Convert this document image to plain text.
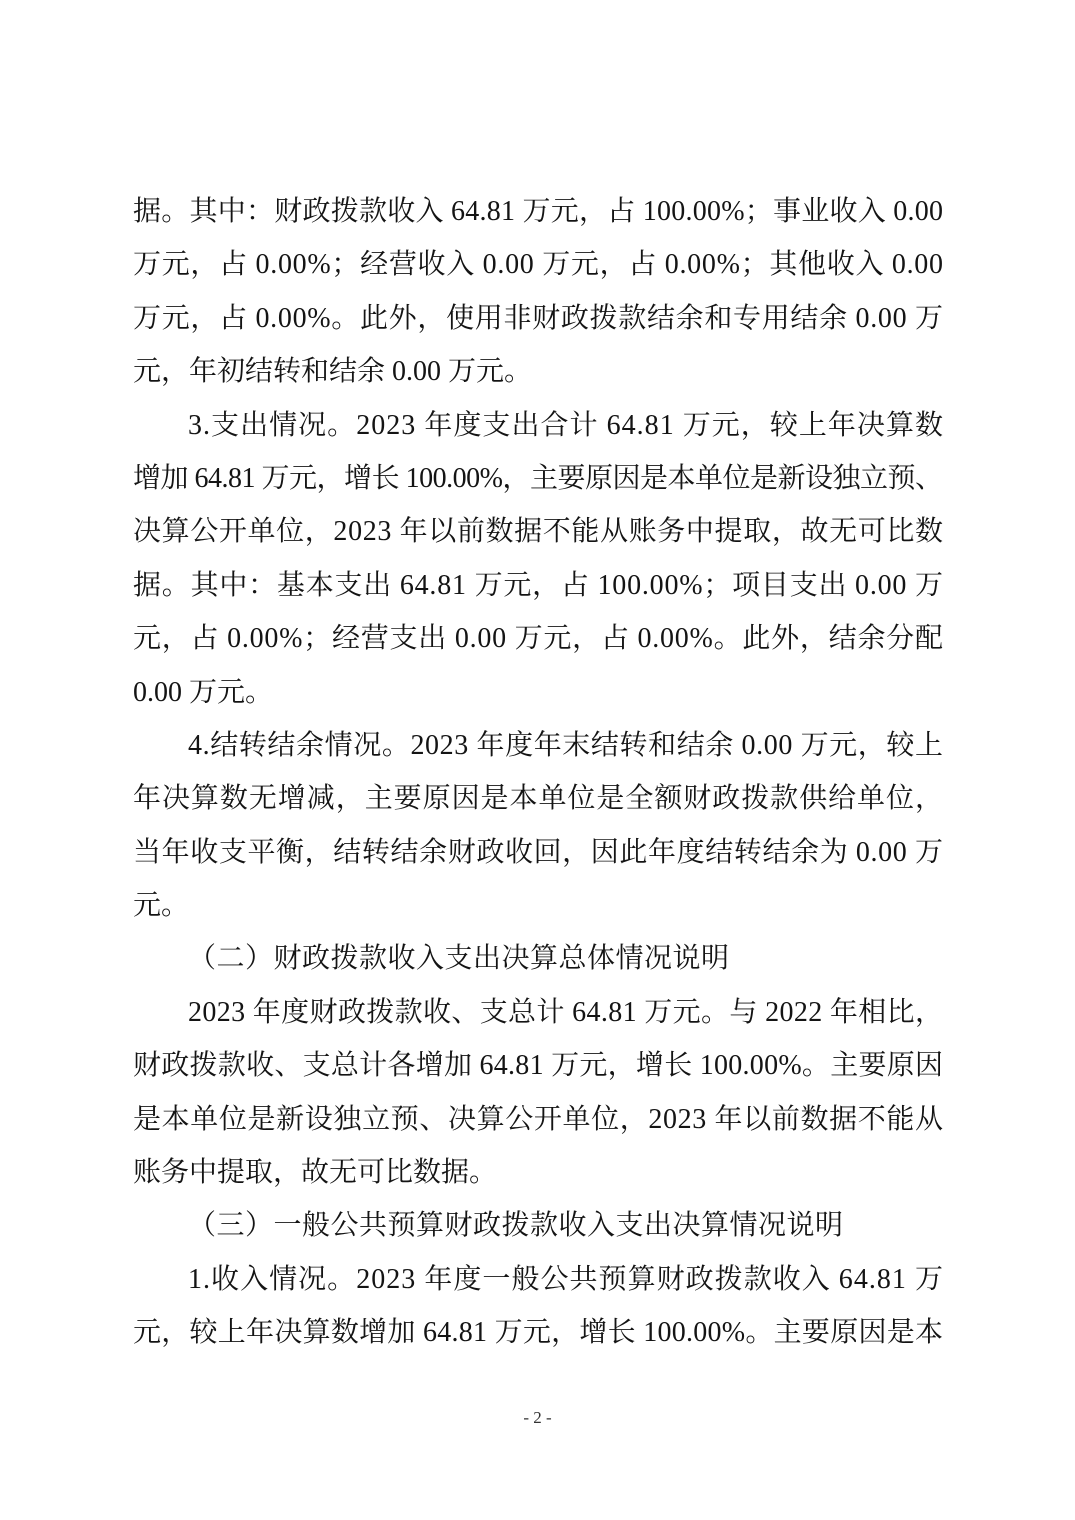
据。其中：财政拨款收入 64.81 万元，占 100.00%；事业收入 0.00
万元，占 0.00%；经营收入 0.00 万元，占 0.00%；其他收入 0.00
万元，占 0.00%。此外，使用非财政拨款结余和专用结余 0.00 万
元，年初结转和结余 0.00 万元。
3.支出情况。2023 年度支出合计 64.81 万元，较上年决算数
增加 64.81 万元，增长 100.00%，主要原因是本单位是新设独立预、
决算公开单位，2023 年以前数据不能从账务中提取，故无可比数
据。其中：基本支出 64.81 万元，占 100.00%；项目支出 0.00 万
元，占 0.00%；经营支出 0.00 万元，占 0.00%。此外，结余分配
0.00 万元。
4.结转结余情况。2023 年度年末结转和结余 0.00 万元，较上
年决算数无增减，主要原因是本单位是全额财政拨款供给单位，
当年收支平衡，结转结余财政收回，因此年度结转结余为 0.00 万
元。
（二）财政拨款收入支出决算总体情况说明
2023 年度财政拨款收、支总计 64.81 万元。与 2022 年相比，
财政拨款收、支总计各增加 64.81 万元，增长 100.00%。主要原因
是本单位是新设独立预、决算公开单位，2023 年以前数据不能从
账务中提取，故无可比数据。
（三）一般公共预算财政拨款收入支出决算情况说明
1.收入情况。2023 年度一般公共预算财政拨款收入 64.81 万
元，较上年决算数增加 64.81 万元，增长 100.00%。主要原因是本
- 2 -
